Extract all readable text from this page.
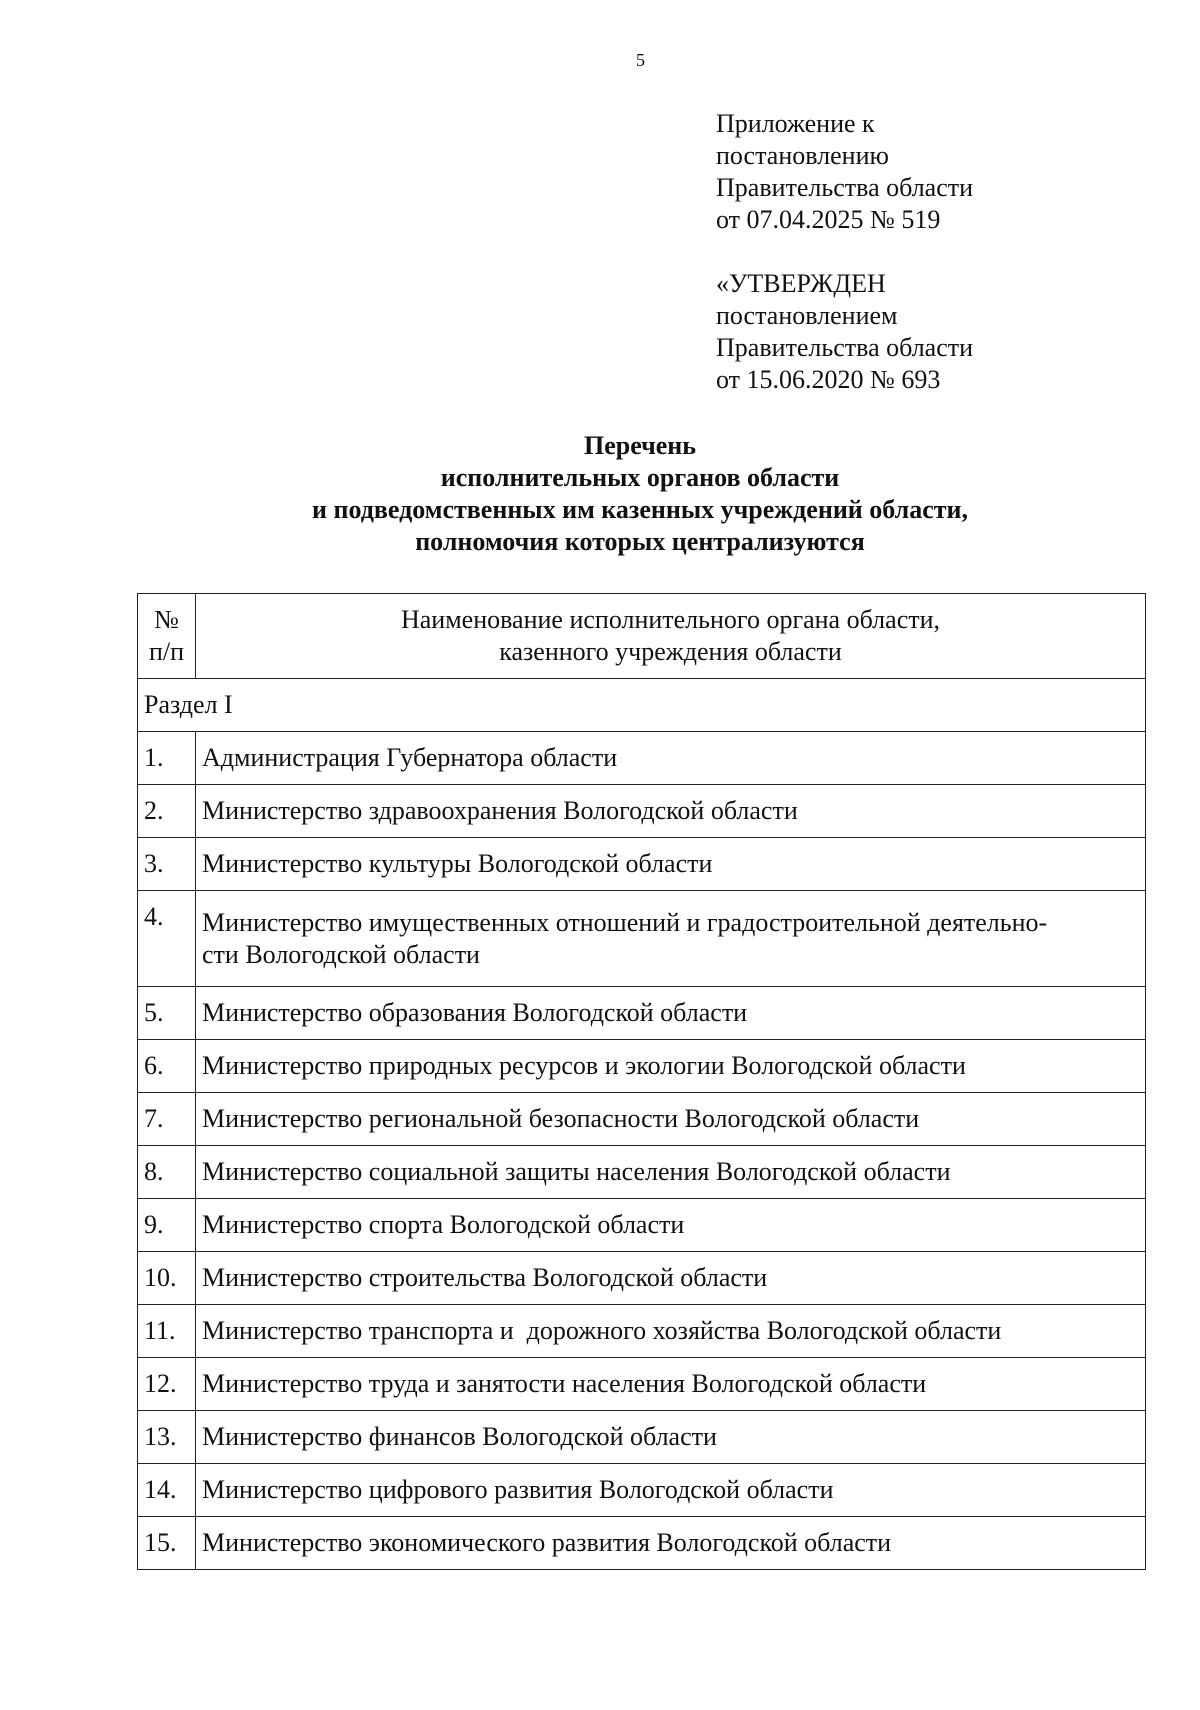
5
Приложение к
постановлению
Правительства области
от 07.04.2025 № 519
«УТВЕРЖДЕН
постановлением
Правительства области
от 15.06.2020 № 693
Перечень
исполнительных органов области
и подведомственных им казенных учреждений области,
полномочия которых централизуются
№
п/п	Наименование исполнительного органа области,
казенного учреждения области

Раздел I	
1.	Администрация Губернатора области
2.	Министерство здравоохранения Вологодской области
3.	Министерство культуры Вологодской области
4.	Министерство имущественных отношений и градостроительной деятельно-
сти Вологодской области

5.	Министерство образования Вологодской области
6.	Министерство природных ресурсов и экологии Вологодской области
7.	Министерство региональной безопасности Вологодской области
8.	Министерство социальной защиты населения Вологодской области
9.	Министерство спорта Вологодской области
10.	Министерство строительства Вологодской области
11.	Министерство транспорта и  дорожного хозяйства Вологодской области
12.	Министерство труда и занятости населения Вологодской области
13.	Министерство финансов Вологодской области
14.	Министерство цифрового развития Вологодской области
15.	Министерство экономического развития Вологодской области
